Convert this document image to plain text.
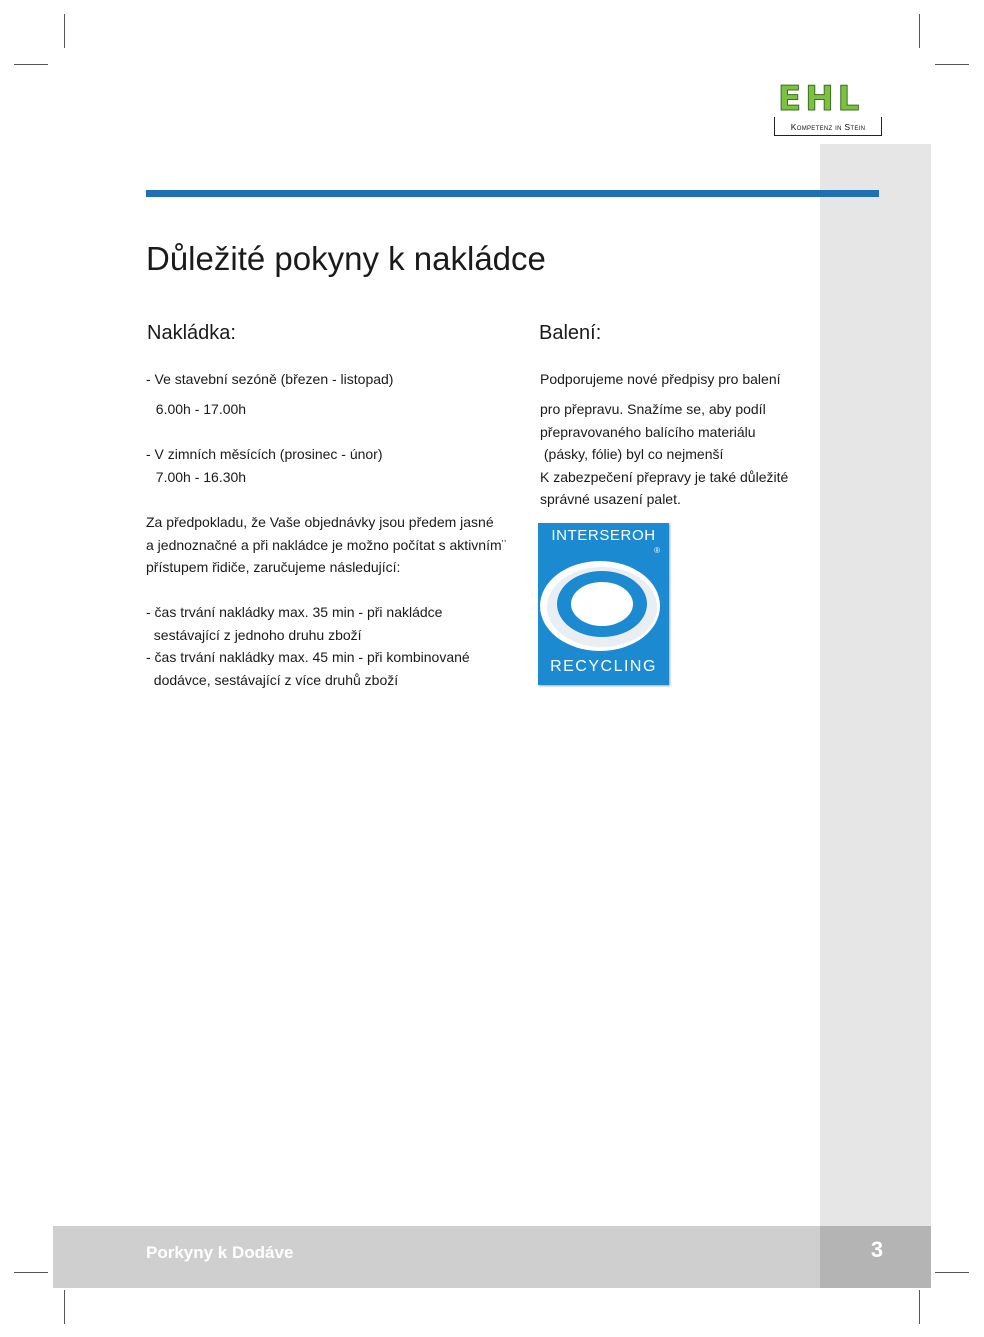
EHL
Kompetenz in Stein
Důležité pokyny k nakládce
Nakládka:
- Ve stavební sezóně (březen - listopad)
6.00h - 17.00h
- V zimních měsících (prosinec - únor)
7.00h - 16.30h
Za předpokladu, že Vaše objednávky jsou předem jasné
a jednoznačné a při nakládce je možno počítat s aktivním¨
přístupem řidiče, zaručujeme následující:
- čas trvání nakládky max. 35 min - při nakládce
sestávající z jednoho druhu zboží
- čas trvání nakládky max. 45 min - při kombinované
dodávce, sestávající z více druhů zboží
Balení:
Podporujeme nové předpisy pro balení
pro přepravu. Snažíme se, aby podíl
přepravovaného balícího materiálu
(pásky, fólie) byl co nejmenší
K zabezpečení přepravy je také důležité
správné usazení palet.
INTERSEROH
®
RECYCLING
Porkyny k Dodáve	3
